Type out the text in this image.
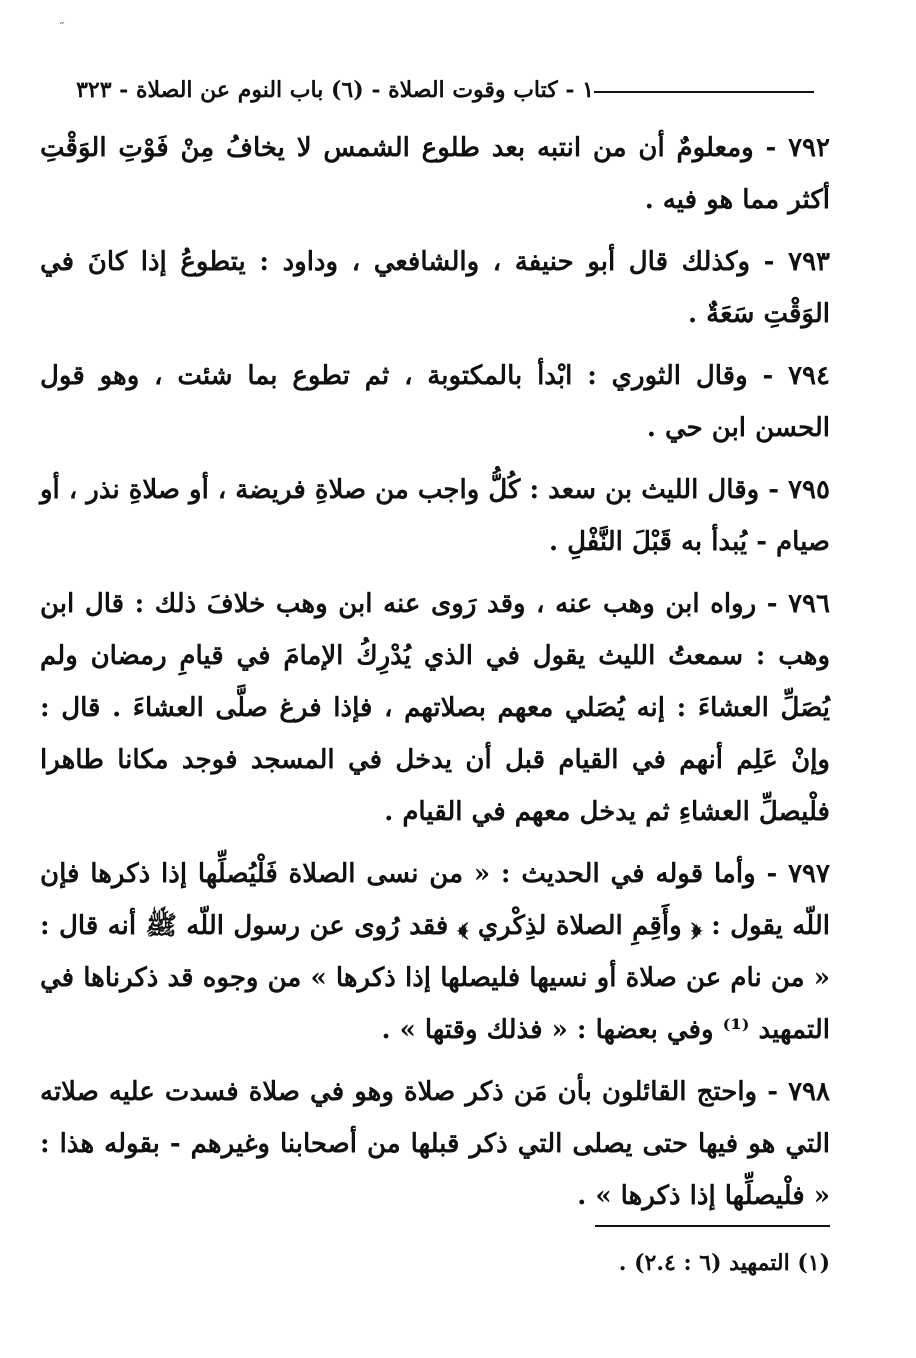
˶
١ - كتاب وقوت الصلاة - (٦) باب النوم عن الصلاة - ٣٢٣

٧٩٢ - ومعلومٌ أن من انتبه بعد طلوع الشمس لا يخافُ مِنْ فَوْتِ الوَقْتِ أكثر مما هو فيه .

٧٩٣ - وكذلك قال أبو حنيفة ، والشافعي ، وداود : يتطوعُ إذا كانَ في الوَقْتِ سَعَةٌ .

٧٩٤ - وقال الثوري : ابْدأ بالمكتوبة ، ثم تطوع بما شئت ، وهو قول الحسن ابن حي .

٧٩٥ - وقال الليث بن سعد : كُلُّ واجب من صلاةِ فريضة ، أو صلاةِ نذر ، أو صيام - يُبدأ به قَبْلَ النَّفْلِ .

٧٩٦ - رواه ابن وهب عنه ، وقد رَوى عنه ابن وهب خلافَ ذلك : قال ابن وهب : سمعتُ الليث يقول في الذي يُدْرِكُ الإمامَ في قيامِ رمضان ولم يُصَلِّ العشاءَ : إنه يُصَلي معهم بصلاتهم ، فإذا فرغ صلَّى العشاءَ . قال : وإنْ عَلِم أنهم في القيام قبل أن يدخل في المسجد فوجد مكانا طاهرا فلْيصلِّ العشاءِ ثم يدخل معهم في القيام .

٧٩٧ - وأما قوله في الحديث : « من نسى الصلاة فَلْيُصلِّها إذا ذكرها فإن اللّه يقول : ﴿ وأَقِمِ الصلاة لذِكْري ﴾ فقد رُوى عن رسول اللّه ﷺ أنه قال : « من نام عن صلاة أو نسيها فليصلها إذا ذكرها » من وجوه قد ذكرناها في التمهيد ⁽¹⁾ وفي بعضها : « فذلك وقتها » .

٧٩٨ - واحتج القائلون بأن مَن ذكر صلاة وهو في صلاة فسدت عليه صلاته التي هو فيها حتى يصلى التي ذكر قبلها من أصحابنا وغيرهم - بقوله هذا : « فلْيصلِّها إذا ذكرها » .

(١) التمهيد (٦ : ٢.٤) .
